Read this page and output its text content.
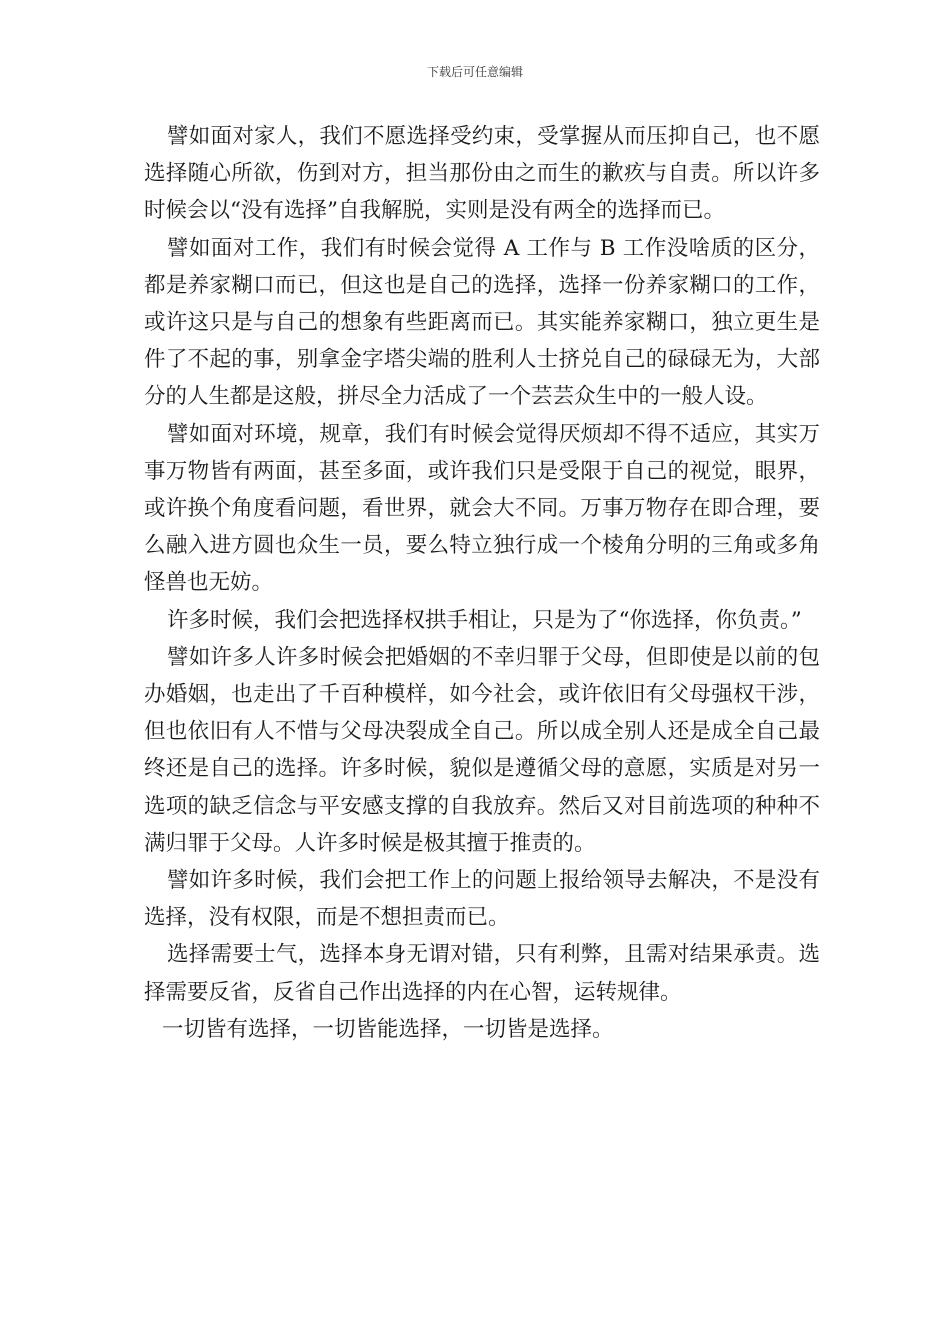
下载后可任意编辑

譬如面对家人，我们不愿选择受约束，受掌握从而压抑自己，也不愿选择随心所欲，伤到对方，担当那份由之而生的歉疚与自责。所以许多时候会以“没有选择”自我解脱，实则是没有两全的选择而已。

譬如面对工作，我们有时候会觉得 A 工作与 B 工作没啥质的区分，都是养家糊口而已，但这也是自己的选择，选择一份养家糊口的工作，或许这只是与自己的想象有些距离而已。其实能养家糊口，独立更生是件了不起的事，别拿金字塔尖端的胜利人士挤兑自己的碌碌无为，大部分的人生都是这般，拼尽全力活成了一个芸芸众生中的一般人设。

譬如面对环境，规章，我们有时候会觉得厌烦却不得不适应，其实万事万物皆有两面，甚至多面，或许我们只是受限于自己的视觉，眼界，或许换个角度看问题，看世界，就会大不同。万事万物存在即合理，要么融入进方圆也众生一员，要么特立独行成一个棱角分明的三角或多角怪兽也无妨。

许多时候，我们会把选择权拱手相让，只是为了“你选择，你负责。”

譬如许多人许多时候会把婚姻的不幸归罪于父母，但即使是以前的包办婚姻，也走出了千百种模样，如今社会，或许依旧有父母强权干涉，但也依旧有人不惜与父母决裂成全自己。所以成全别人还是成全自己最终还是自己的选择。许多时候，貌似是遵循父母的意愿，实质是对另一选项的缺乏信念与平安感支撑的自我放弃。然后又对目前选项的种种不满归罪于父母。人许多时候是极其擅于推责的。

譬如许多时候，我们会把工作上的问题上报给领导去解决，不是没有选择，没有权限，而是不想担责而已。

选择需要士气，选择本身无谓对错，只有利弊，且需对结果承责。选择需要反省，反省自己作出选择的内在心智，运转规律。

一切皆有选择，一切皆能选择，一切皆是选择。
